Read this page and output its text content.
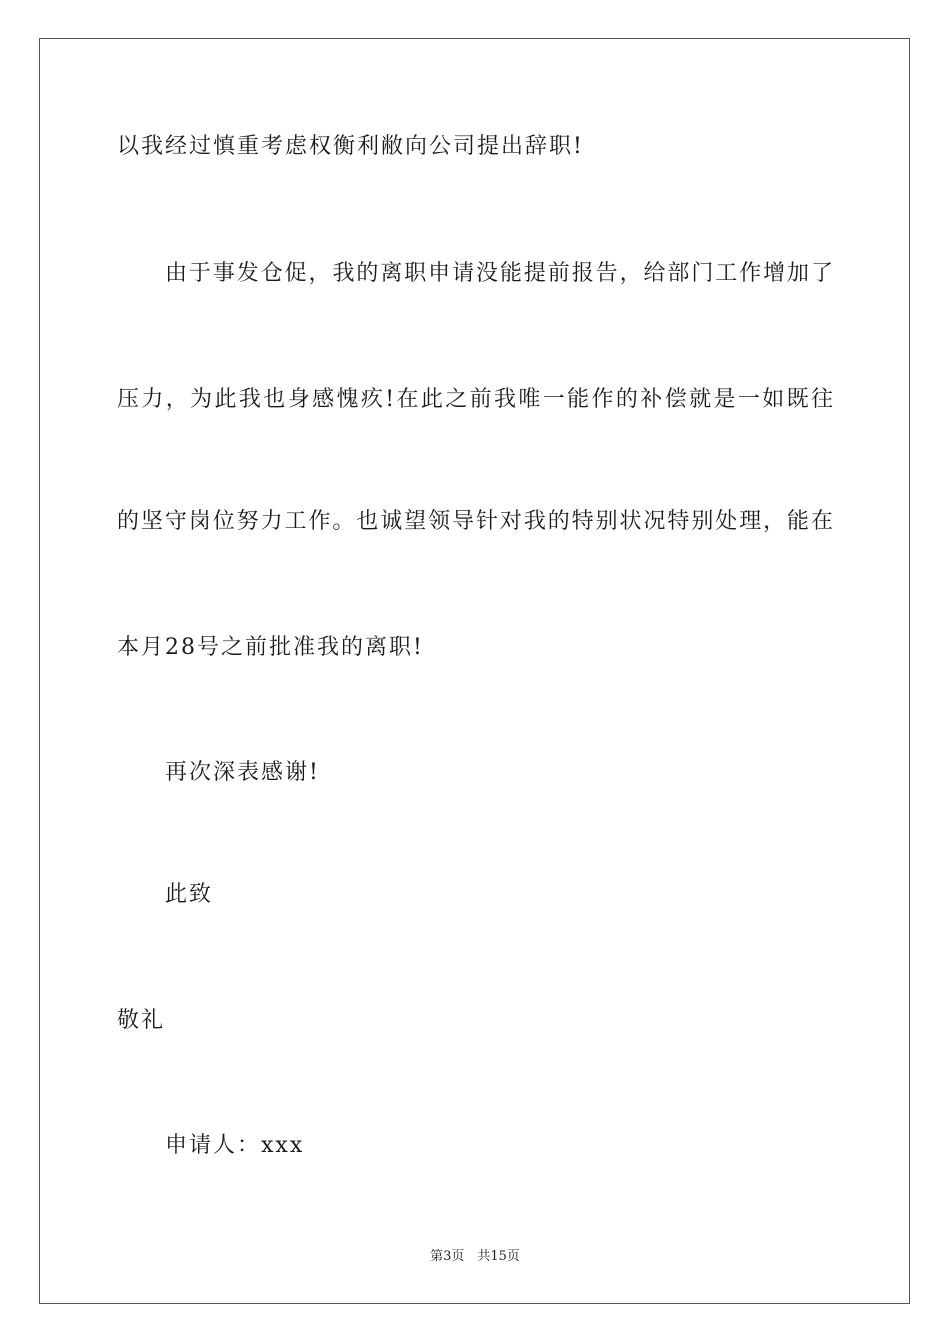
以我经过慎重考虑权衡利敝向公司提出辞职!
由于事发仓促，我的离职申请没能提前报告，给部门工作增加了
压力，为此我也身感愧疚!在此之前我唯一能作的补偿就是一如既往
的坚守岗位努力工作。也诚望领导针对我的特别状况特别处理，能在
本月28号之前批准我的离职!
再次深表感谢!
此致
敬礼
申请人：xxx
第3页　共15页
